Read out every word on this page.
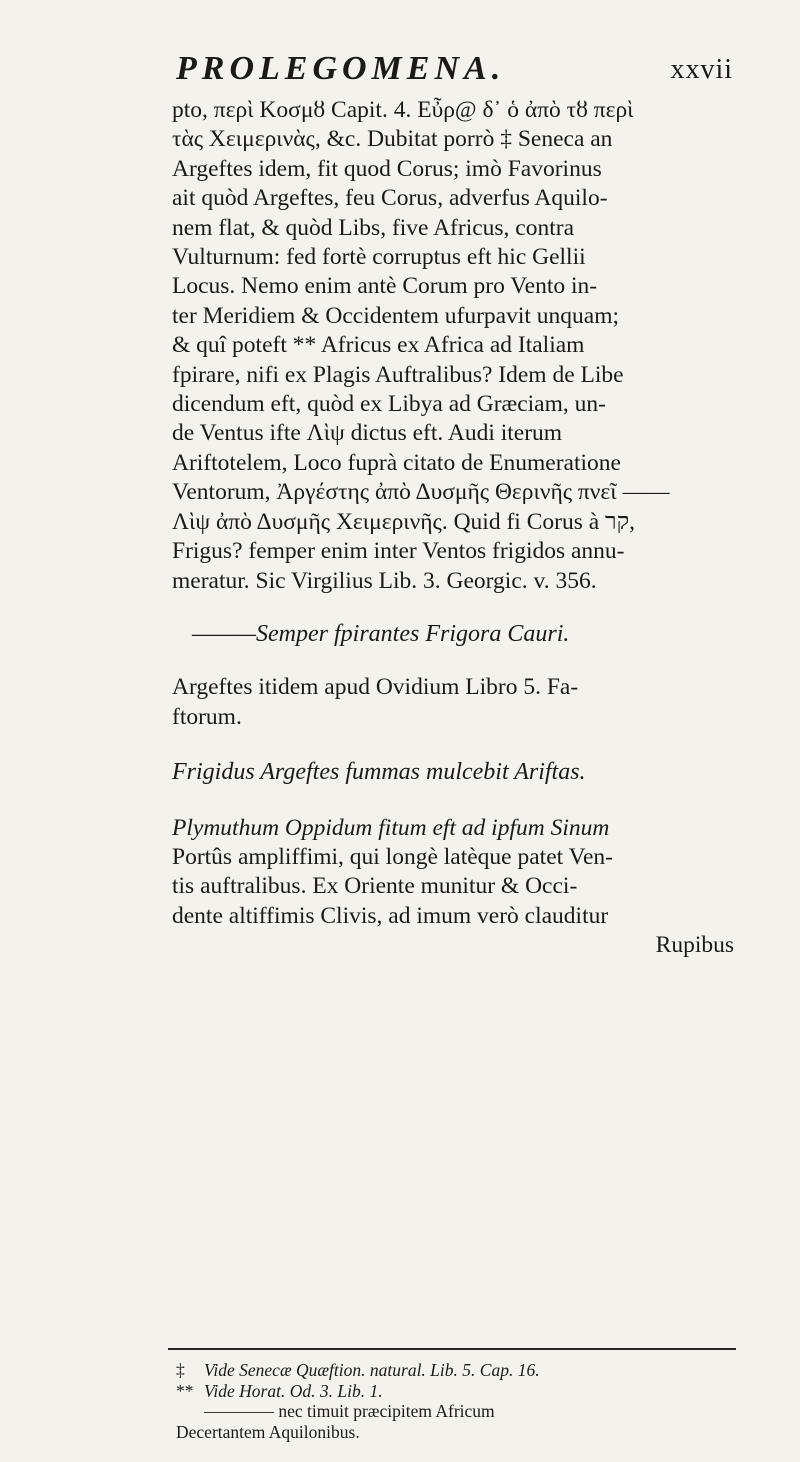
PROLEGOMENA.	xxvii

pto, περὶ Κοσμȣ Capit. 4. Εὖρ@ δ᾽ ὁ ἀπὸ τȣ περὶ

τὰς Χειμερινὰς, &c. Dubitat porrò ‡ Seneca an

Argeftes idem, fit quod Corus; imò Favorinus

ait quòd Argeftes, feu Corus, adverfus Aquilo-

nem flat, & quòd Libs, five Africus, contra

Vulturnum: fed fortè corruptus eft hic Gellii

Locus. Nemo enim antè Corum pro Vento in-

ter Meridiem & Occidentem ufurpavit unquam;

& quî poteft ** Africus ex Africa ad Italiam

fpirare, nifi ex Plagis Auftralibus? Idem de Libe

dicendum eft, quòd ex Libya ad Græciam, un-

de Ventus ifte Λὶψ dictus eft. Audi iterum

Ariftotelem, Loco fuprà citato de Enumeratione

Ventorum, Ἀργέστης ἀπὸ Δυσμῆς Θερινῆς πνεῖ ——

Λὶψ ἀπὸ Δυσμῆς Χειμερινῆς. Quid fi Corus à קר,

Frigus? femper enim inter Ventos frigidos annu-

meratur. Sic Virgilius Lib. 3. Georgic. v. 356.

———Semper fpirantes Frigora Cauri.

Argeftes itidem apud Ovidium Libro 5. Fa-

ftorum.

Frigidus Argeftes fummas mulcebit Ariftas.

Plymuthum Oppidum fitum eft ad ipfum Sinum

Portûs ampliffimi, qui longè latèque patet Ven-

tis auftralibus. Ex Oriente munitur & Occi-

dente altiffimis Clivis, ad imum verò clauditur

Rupibus

‡ Vide Senecæ Quæftion. natural. Lib. 5. Cap. 16.

** Vide Horat. Od. 3. Lib. 1.

———— nec timuit præcipitem Africum

Decertantem Aquilonibus.
